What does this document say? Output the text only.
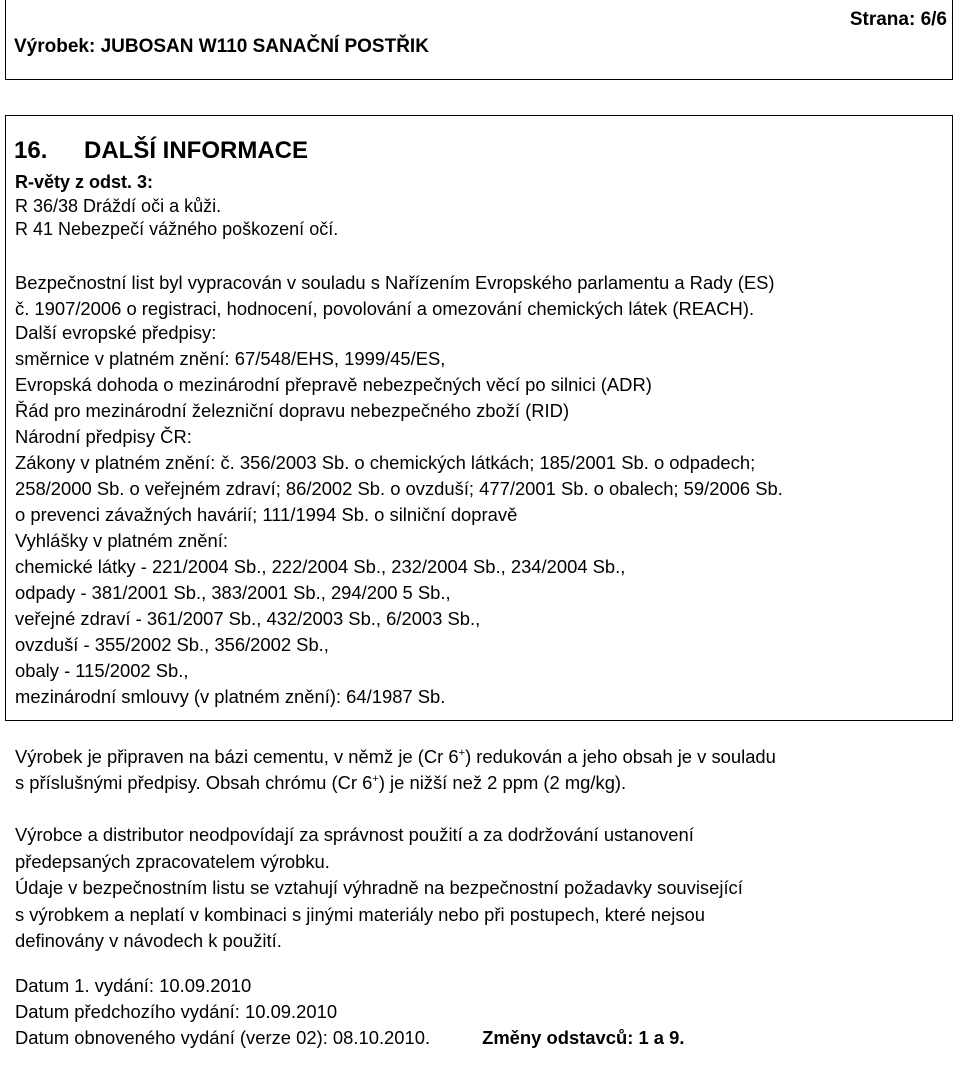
Výrobek: JUBOSAN W110 SANAČNÍ POSTŘIK
Strana: 6/6
16. DALŠÍ INFORMACE
R-věty z odst. 3:
R 36/38 Dráždí oči a kůži.
R 41 Nebezpečí vážného poškození očí.
Bezpečnostní list byl vypracován v souladu s Nařízením Evropského parlamentu a Rady (ES)
č. 1907/2006 o registraci, hodnocení, povolování a omezování chemických látek (REACH).
Další evropské předpisy:
směrnice v platném znění: 67/548/EHS, 1999/45/ES,
Evropská dohoda o mezinárodní přepravě nebezpečných věcí po silnici (ADR)
Řád pro mezinárodní železniční dopravu nebezpečného zboží (RID)
Národní předpisy ČR:
Zákony v platném znění: č. 356/2003 Sb. o chemických látkách; 185/2001 Sb. o odpadech;
258/2000 Sb. o veřejném zdraví; 86/2002 Sb. o ovzduší; 477/2001 Sb. o obalech; 59/2006 Sb.
o prevenci závažných havárií; 111/1994 Sb. o silniční dopravě
Vyhlášky v platném znění:
chemické látky - 221/2004 Sb., 222/2004 Sb., 232/2004 Sb., 234/2004 Sb.,
odpady - 381/2001 Sb., 383/2001 Sb., 294/200 5 Sb.,
veřejné zdraví - 361/2007 Sb., 432/2003 Sb., 6/2003 Sb.,
ovzduší - 355/2002 Sb., 356/2002 Sb.,
obaly - 115/2002 Sb.,
mezinárodní smlouvy (v platném znění): 64/1987 Sb.
Výrobek je připraven na bázi cementu, v němž je (Cr 6+) redukován a jeho obsah je v souladu
s příslušnými předpisy. Obsah chrómu (Cr 6+) je nižší než 2 ppm (2 mg/kg).
Výrobce a distributor neodpovídají za správnost použití a za dodržování ustanovení
předepsaných zpracovatelem výrobku.
Údaje v bezpečnostním listu se vztahují výhradně na bezpečnostní požadavky související
s výrobkem a neplatí v kombinaci s jinými materiály nebo při postupech, které nejsou
definovány v návodech k použití.
Datum 1. vydání: 10.09.2010
Datum předchozího vydání: 10.09.2010
Datum obnoveného vydání (verze 02): 08.10.2010.	Změny odstavců: 1 a 9.
